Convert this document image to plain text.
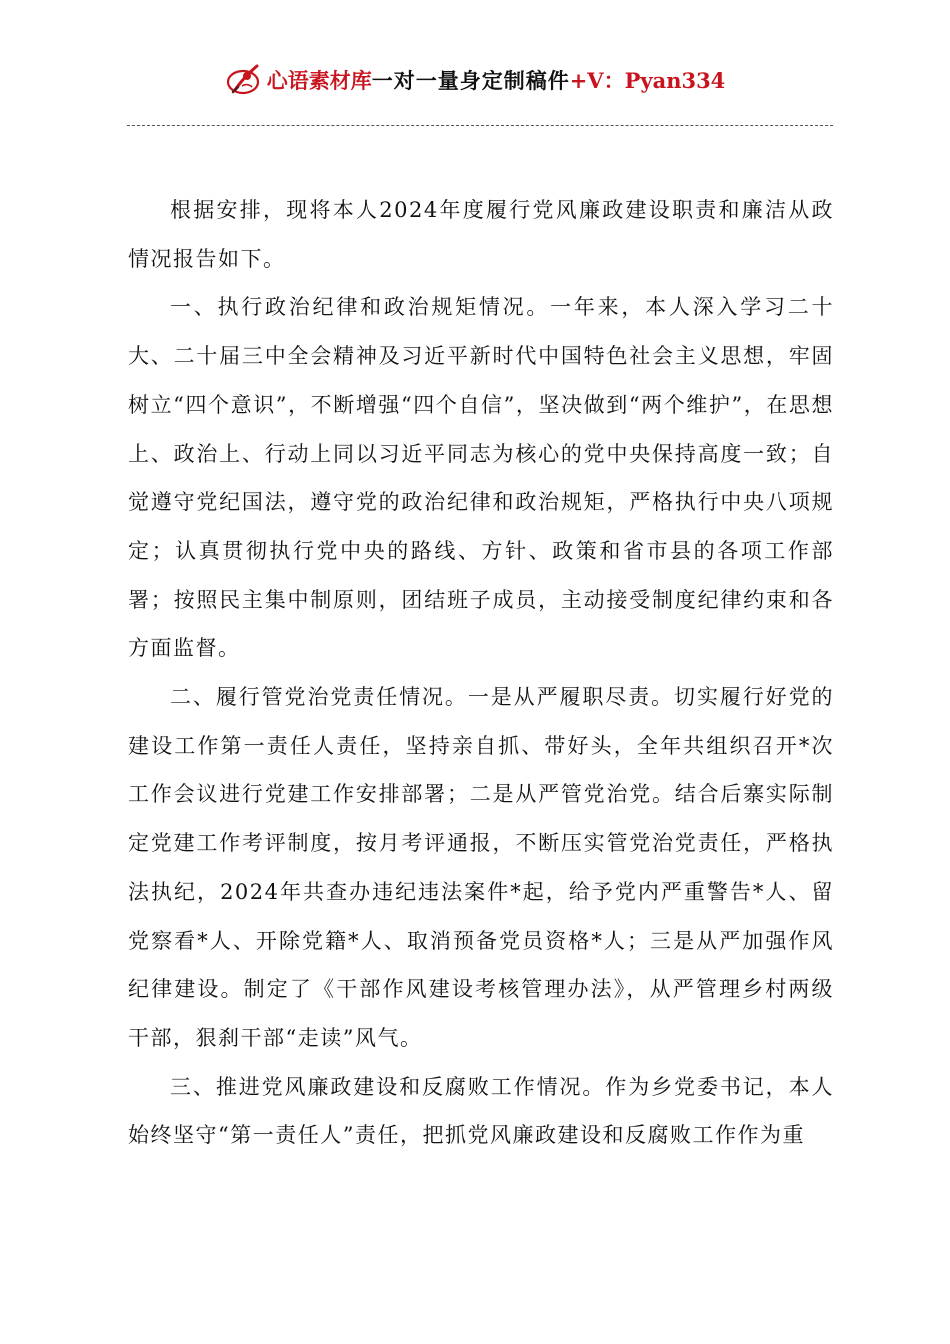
心语素材库 一对一量身定制稿件 +V：Pyan334

根据安排，现将本人2024年度履行党风廉政建设职责和廉洁从政情况报告如下。

一、执行政治纪律和政治规矩情况。一年来，本人深入学习二十大、二十届三中全会精神及习近平新时代中国特色社会主义思想，牢固树立“四个意识”，不断增强“四个自信”，坚决做到“两个维护”，在思想上、政治上、行动上同以习近平同志为核心的党中央保持高度一致；自觉遵守党纪国法，遵守党的政治纪律和政治规矩，严格执行中央八项规定；认真贯彻执行党中央的路线、方针、政策和省市县的各项工作部署；按照民主集中制原则，团结班子成员，主动接受制度纪律约束和各方面监督。

二、履行管党治党责任情况。一是从严履职尽责。切实履行好党的建设工作第一责任人责任，坚持亲自抓、带好头，全年共组织召开*次工作会议进行党建工作安排部署；二是从严管党治党。结合后寨实际制定党建工作考评制度，按月考评通报，不断压实管党治党责任，严格执法执纪，2024年共查办违纪违法案件*起，给予党内严重警告*人、留党察看*人、开除党籍*人、取消预备党员资格*人；三是从严加强作风纪律建设。制定了《干部作风建设考核管理办法》，从严管理乡村两级干部，狠刹干部“走读”风气。

三、推进党风廉政建设和反腐败工作情况。作为乡党委书记，本人始终坚守“第一责任人”责任，把抓党风廉政建设和反腐败工作作为重
